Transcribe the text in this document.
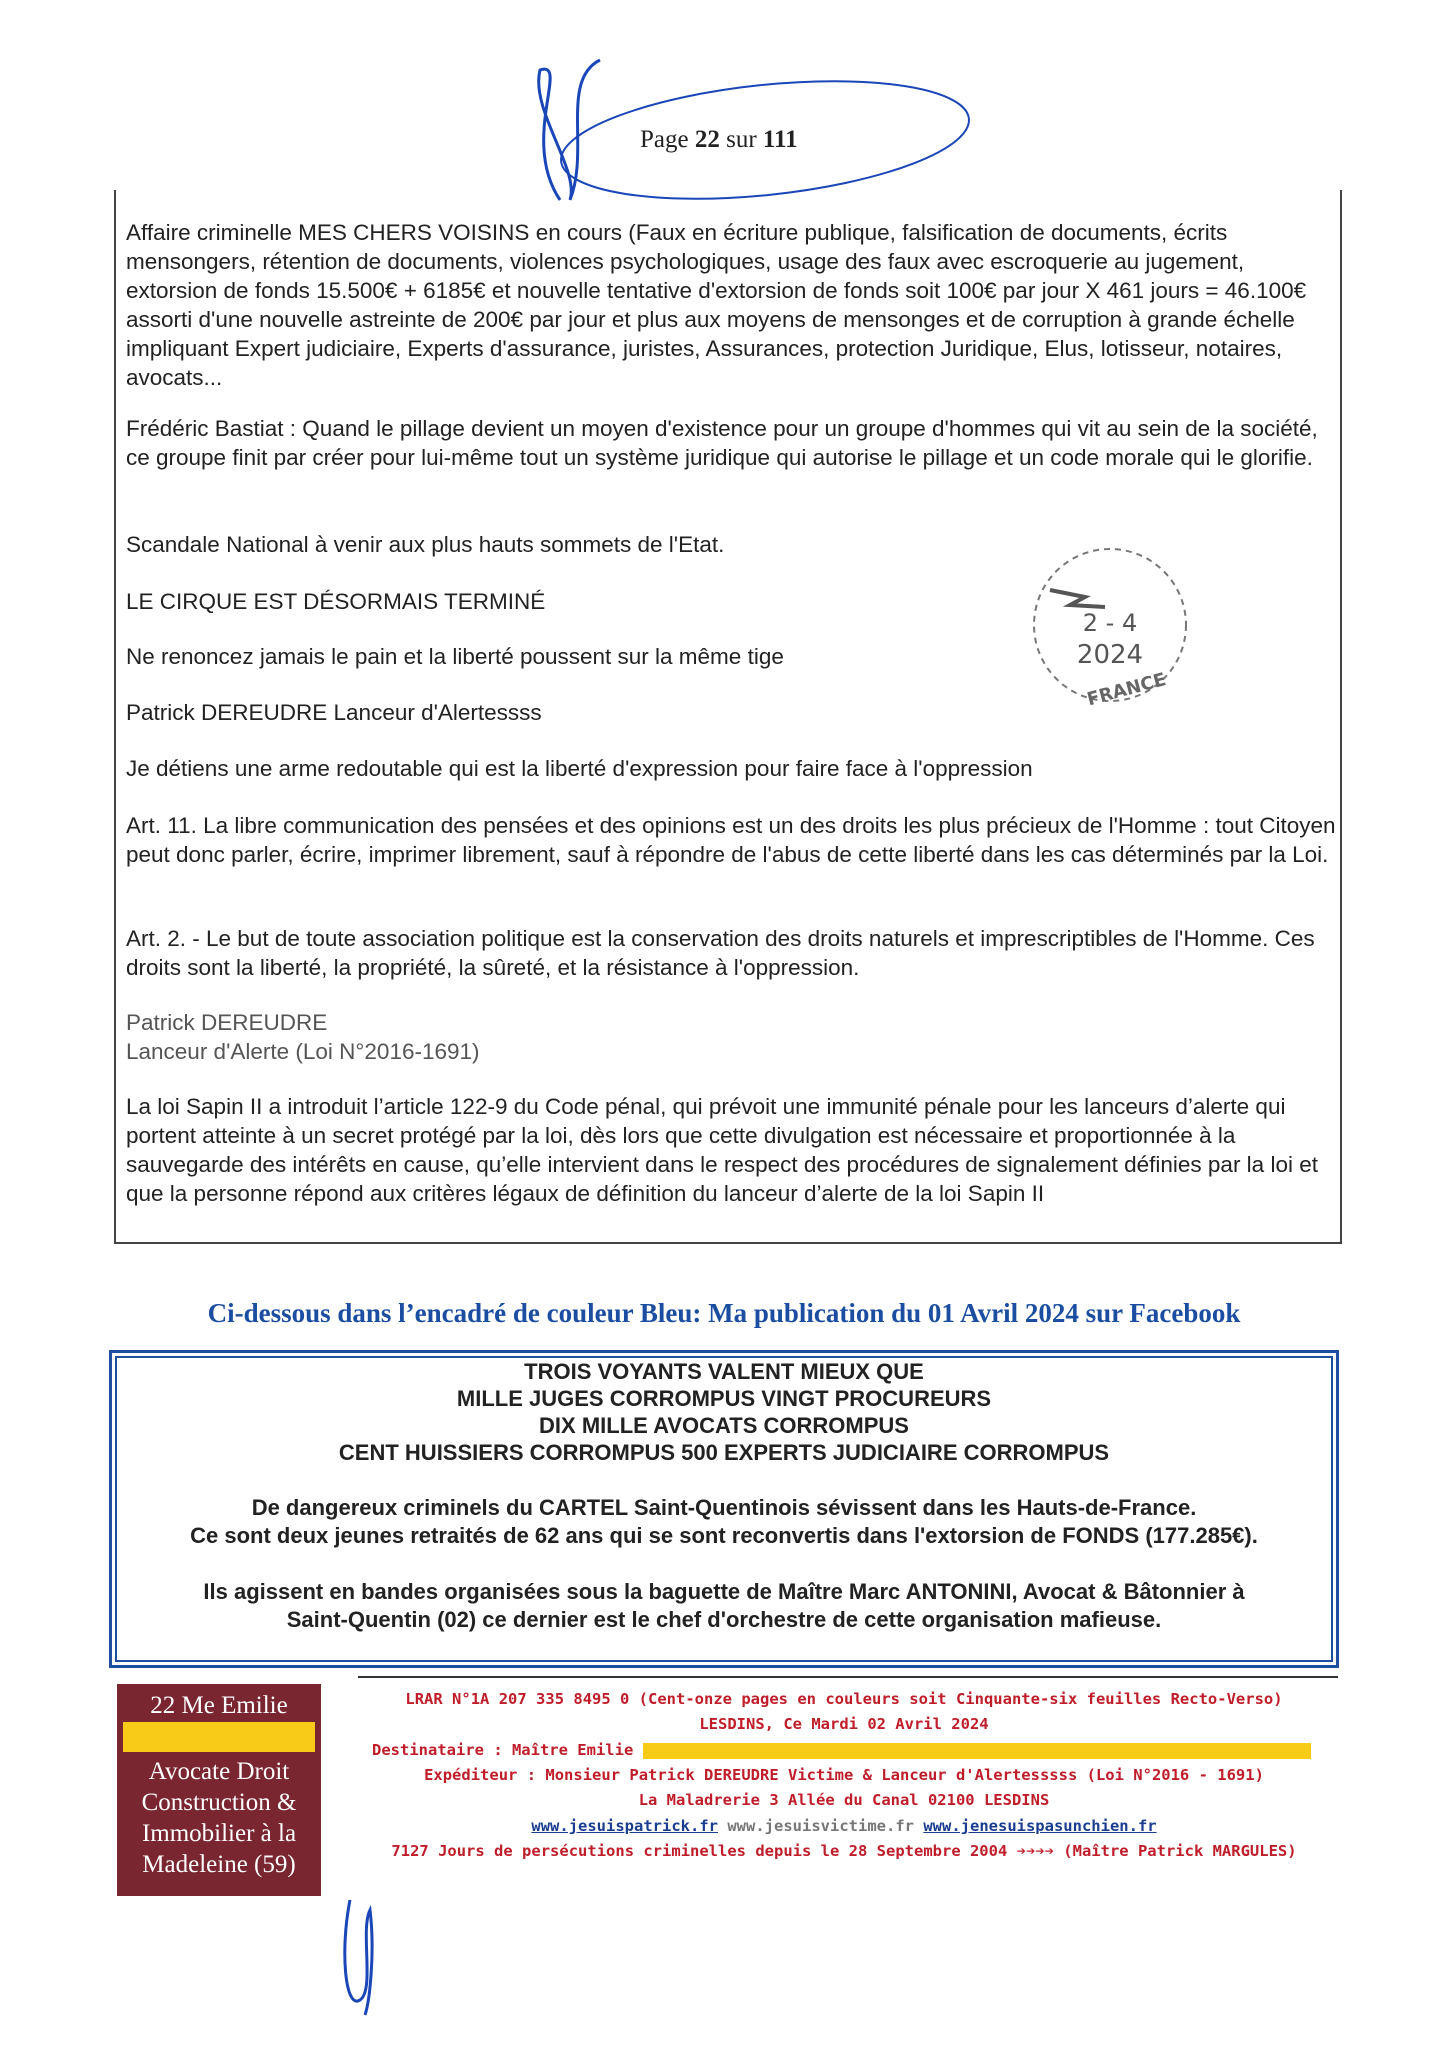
Page 22 sur 111
Affaire criminelle MES CHERS VOISINS en cours (Faux en écriture publique, falsification de documents, écrits mensongers, rétention de documents, violences psychologiques, usage des faux avec escroquerie au jugement, extorsion de fonds 15.500€ + 6185€ et nouvelle tentative d'extorsion de fonds soit 100€ par jour X 461 jours = 46.100€ assorti d'une nouvelle astreinte de 200€ par jour et plus aux moyens de mensonges et de corruption à grande échelle impliquant Expert judiciaire, Experts d'assurance, juristes, Assurances, protection Juridique, Elus, lotisseur, notaires, avocats...
Frédéric Bastiat : Quand le pillage devient un moyen d'existence pour un groupe d'hommes qui vit au sein de la société, ce groupe finit par créer pour lui-même tout un système juridique qui autorise le pillage et un code morale qui le glorifie.
Scandale National à venir aux plus hauts sommets de l'Etat.
LE CIRQUE EST DÉSORMAIS TERMINÉ
Ne renoncez jamais le pain et la liberté poussent sur la même tige
Patrick DEREUDRE Lanceur d'Alertessss
Je détiens une arme redoutable qui est la liberté d'expression pour faire face à l'oppression
Art. 11. La libre communication des pensées et des opinions est un des droits les plus précieux de l'Homme : tout Citoyen peut donc parler, écrire, imprimer librement, sauf à répondre de l'abus de cette liberté dans les cas déterminés par la Loi.
Art. 2. - Le but de toute association politique est la conservation des droits naturels et imprescriptibles de l'Homme. Ces droits sont la liberté, la propriété, la sûreté, et la résistance à l'oppression.
Patrick DEREUDRE
Lanceur d'Alerte (Loi N°2016-1691)
La loi Sapin II a introduit l’article 122-9 du Code pénal, qui prévoit une immunité pénale pour les lanceurs d’alerte qui portent atteinte à un secret protégé par la loi, dès lors que cette divulgation est nécessaire et proportionnée à la sauvegarde des intérêts en cause, qu’elle intervient dans le respect des procédures de signalement définies par la loi et que la personne répond aux critères légaux de définition du lanceur d’alerte de la loi Sapin II
2 - 4
2024
FRANCE
Ci-dessous dans l’encadré de couleur Bleu: Ma publication du 01 Avril 2024 sur Facebook
TROIS VOYANTS VALENT MIEUX QUE
MILLE JUGES CORROMPUS VINGT PROCUREURS
DIX MILLE AVOCATS CORROMPUS
CENT HUISSIERS CORROMPUS 500 EXPERTS JUDICIAIRE CORROMPUS
De dangereux criminels du CARTEL Saint-Quentinois sévissent dans les Hauts-de-France.
Ce sont deux jeunes retraités de 62 ans qui se sont reconvertis dans l'extorsion de FONDS (177.285€).
Ils agissent en bandes organisées sous la baguette de Maître Marc ANTONINI, Avocat & Bâtonnier à
Saint-Quentin (02) ce dernier est le chef d'orchestre de cette organisation mafieuse.
22 Me Emilie
Avocate Droit
Construction &
Immobilier à la
Madeleine (59)
LRAR N°1A 207 335 8495 0 (Cent-onze pages en couleurs soit Cinquante-six feuilles Recto-Verso)
LESDINS, Ce Mardi 02 Avril 2024
Destinataire : Maître Emilie
Expéditeur : Monsieur Patrick DEREUDRE Victime & Lanceur d'Alertesssss (Loi N°2016 - 1691)
La Maladrerie 3 Allée du Canal 02100 LESDINS
www.jesuispatrick.fr www.jesuisvictime.fr www.jenesuispasunchien.fr
7127 Jours de persécutions criminelles depuis le 28 Septembre 2004 ➔➔➔➔ (Maître Patrick MARGULES)
